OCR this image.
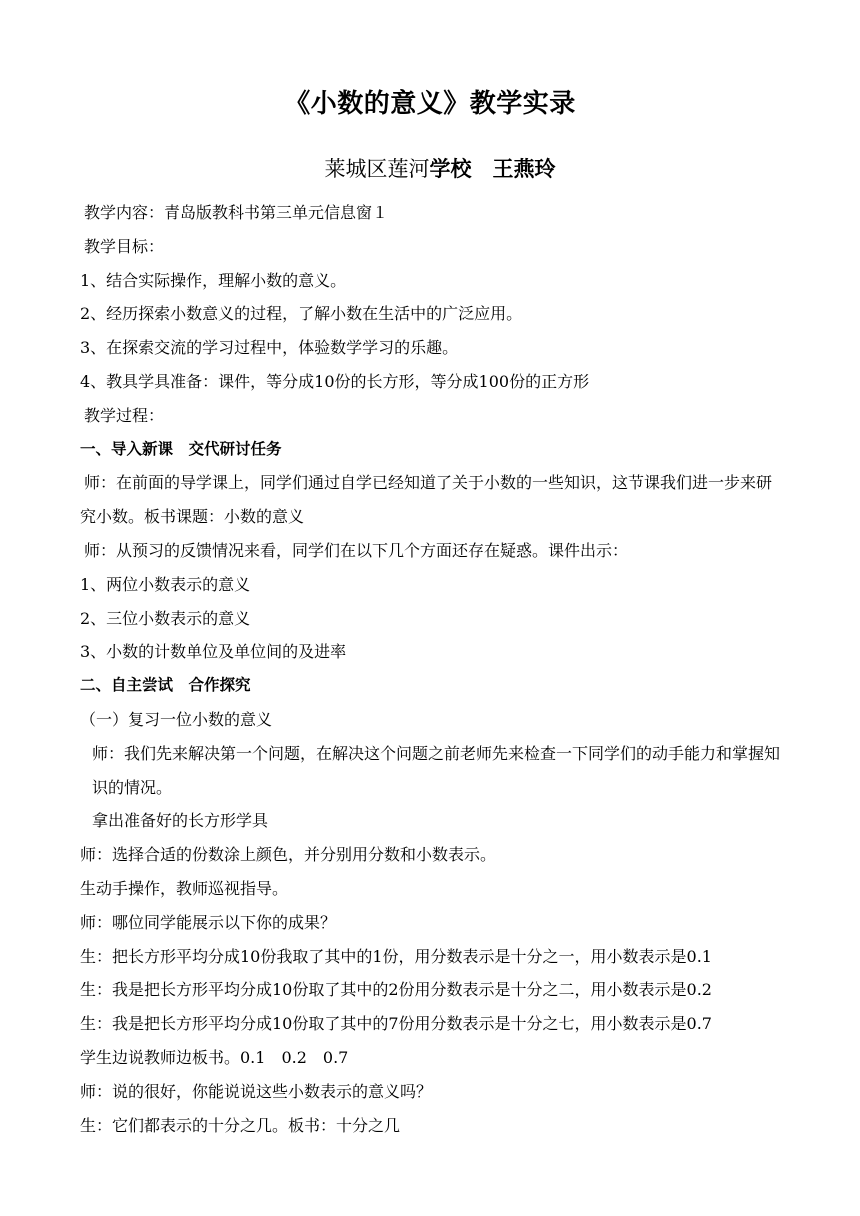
《小数的意义》教学实录
莱城区莲河学校　王燕玲

教学内容：青岛版教科书第三单元信息窗１

教学目标：

1、结合实际操作，理解小数的意义。

2、经历探索小数意义的过程，了解小数在生活中的广泛应用。

3、在探索交流的学习过程中，体验数学学习的乐趣。

4、教具学具准备：课件，等分成10份的长方形，等分成100份的正方形

教学过程：

一、导入新课　交代研讨任务

师：在前面的导学课上，同学们通过自学已经知道了关于小数的一些知识，这节课我们进一步来研究小数。板书课题：小数的意义

师：从预习的反馈情况来看，同学们在以下几个方面还存在疑惑。课件出示：

1、两位小数表示的意义

2、三位小数表示的意义

3、小数的计数单位及单位间的及进率

二、自主尝试　合作探究

（一）复习一位小数的意义

师：我们先来解决第一个问题，在解决这个问题之前老师先来检查一下同学们的动手能力和掌握知识的情况。

拿出准备好的长方形学具

师：选择合适的份数涂上颜色，并分别用分数和小数表示。

生动手操作，教师巡视指导。

师：哪位同学能展示以下你的成果？

生：把长方形平均分成10份我取了其中的1份，用分数表示是十分之一，用小数表示是0.1

生：我是把长方形平均分成10份取了其中的2份用分数表示是十分之二，用小数表示是0.2

生：我是把长方形平均分成10份取了其中的7份用分数表示是十分之七，用小数表示是0.7

学生边说教师边板书。0.1　0.2　0.7

师：说的很好，你能说说这些小数表示的意义吗？

生：它们都表示的十分之几。板书：十分之几
